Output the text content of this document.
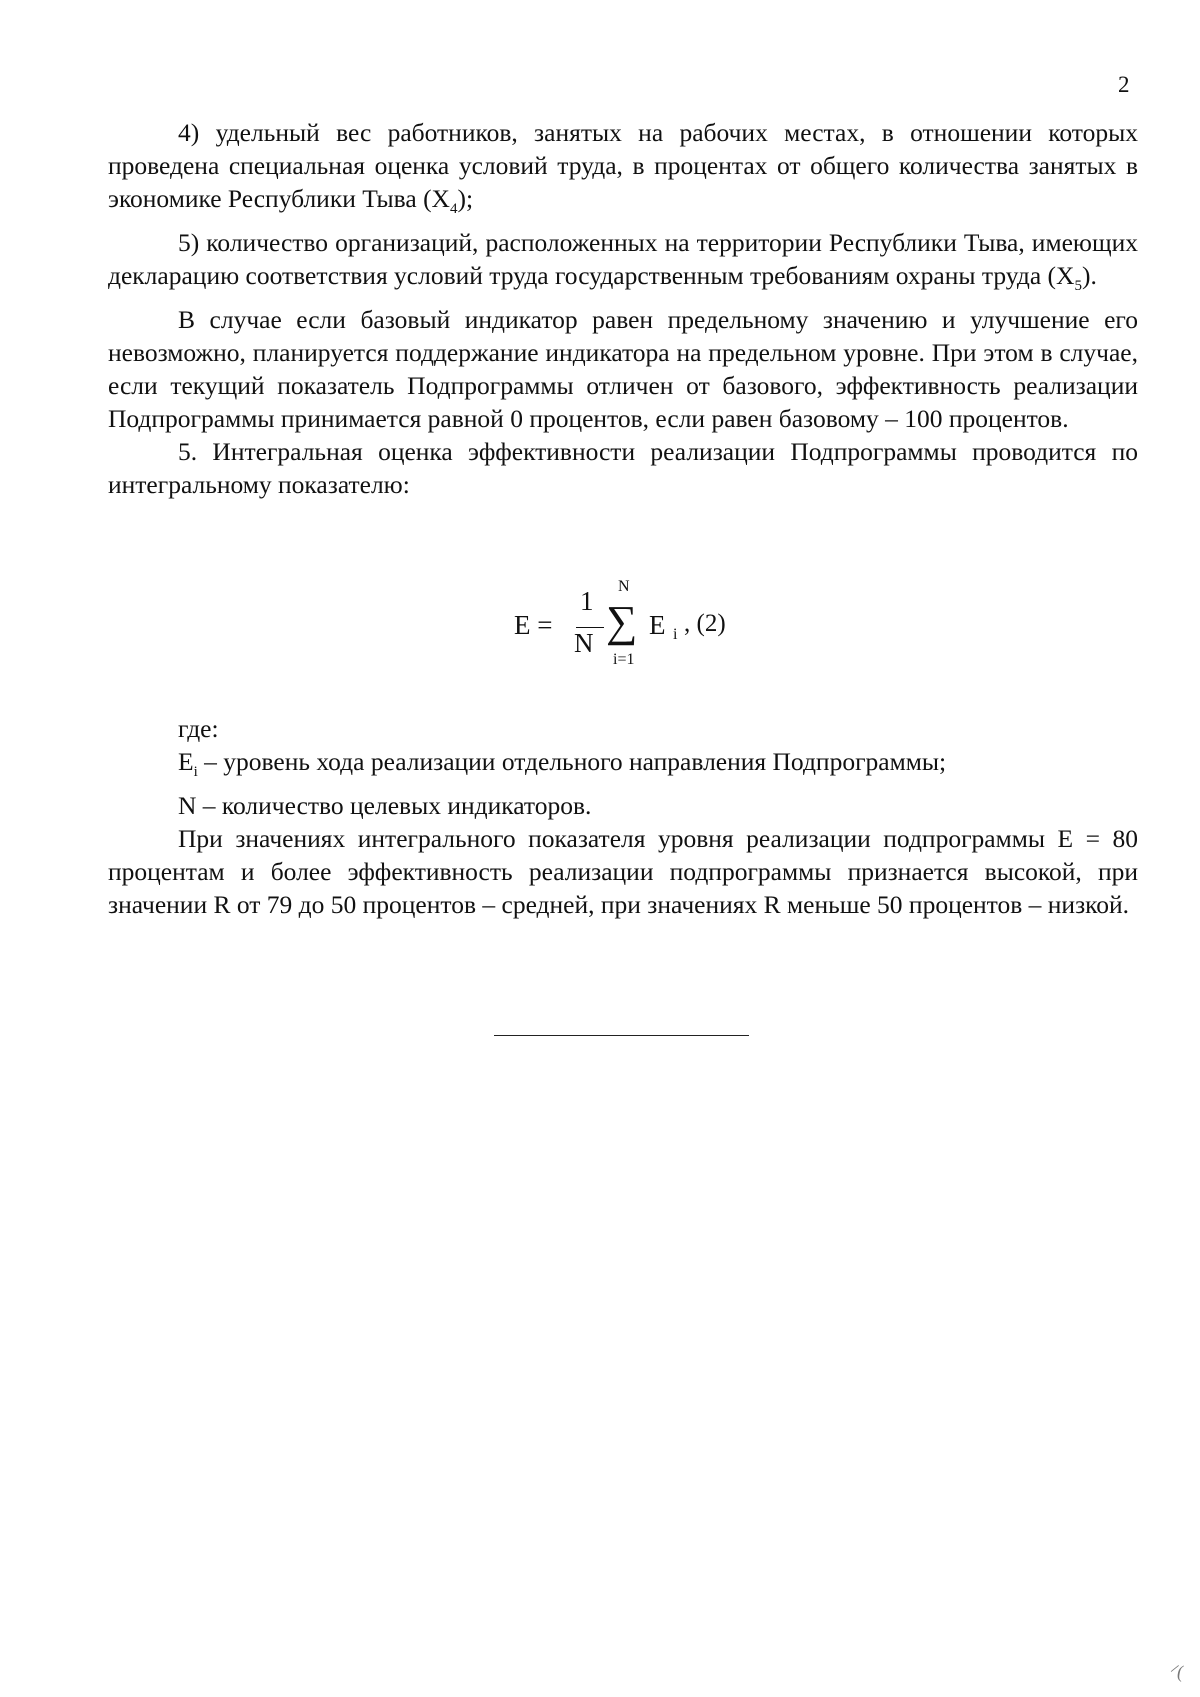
2

4) удельный вес работников, занятых на рабочих местах, в отношении которых проведена специальная оценка условий труда, в процентах от общего количества занятых в экономике Республики Тыва $(X_4)$;

5) количество организаций, расположенных на территории Республики Тыва, имеющих декларацию соответствия условий труда государственным требованиям охраны труда $(X_5)$.

В случае если базовый индикатор равен предельному значению и улучшение его невозможно, планируется поддержание индикатора на предельном уровне. При этом в случае, если текущий показатель Подпрограммы отличен от базового, эффективность реализации Подпрограммы принимается равной 0 процентов, если равен базовому – 100 процентов.

5. Интегральная оценка эффективности реализации Подпрограммы проводится по интегральному показателю:

E =
1
N
N
∑
i=1
E i , (2)

где:

$E_i$ – уровень хода реализации отдельного направления Подпрограммы;

N – количество целевых индикаторов.

При значениях интегрального показателя уровня реализации подпрограммы E = 80 процентам и более эффективность реализации подпрограммы признается высокой, при значении R от 79 до 50 процентов – средней, при значениях R меньше 50 процентов – низкой.

⸍(
